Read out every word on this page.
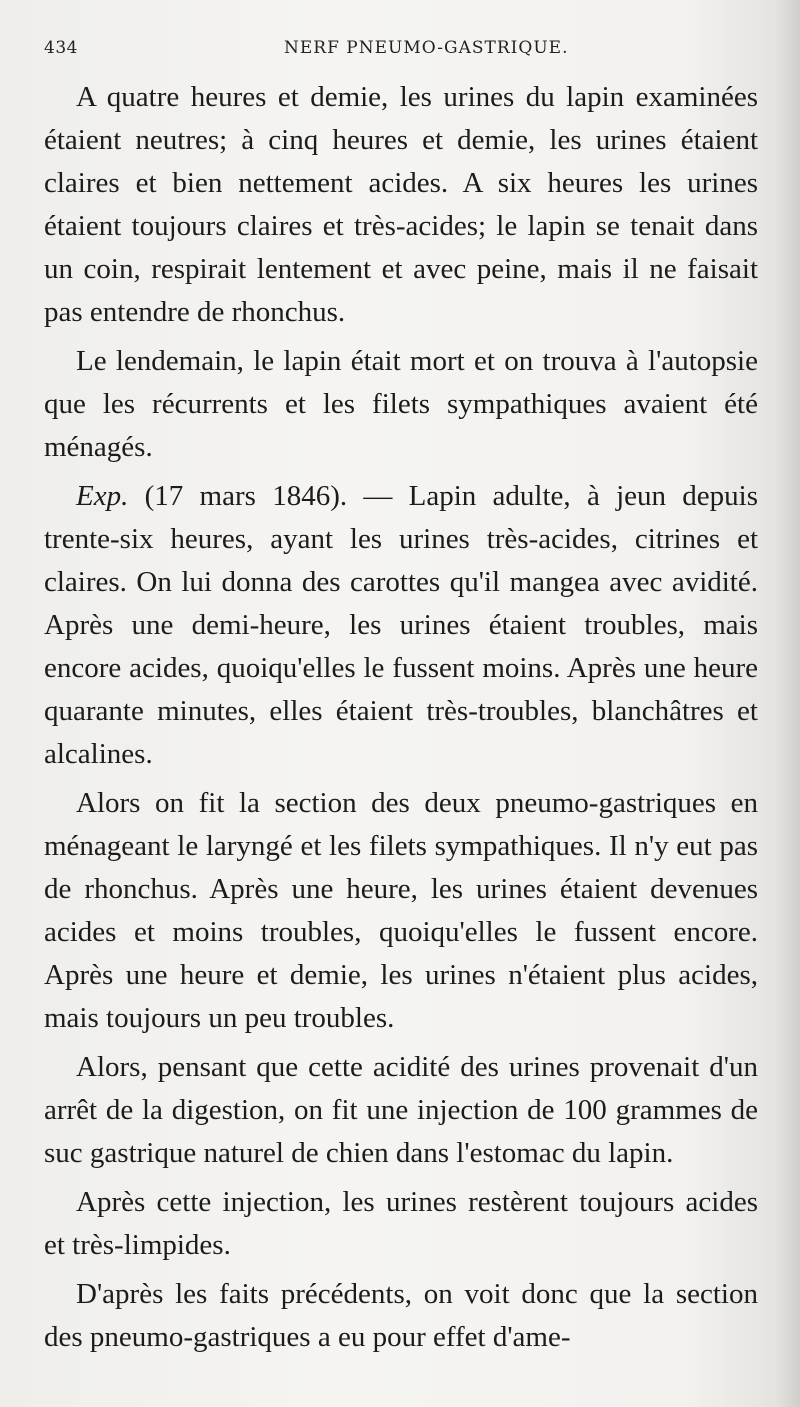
434	NERF PNEUMO-GASTRIQUE.

A quatre heures et demie, les urines du lapin examinées étaient neutres; à cinq heures et demie, les urines étaient claires et bien nettement acides. A six heures les urines étaient toujours claires et très-acides; le lapin se tenait dans un coin, respirait lentement et avec peine, mais il ne faisait pas entendre de rhonchus.

Le lendemain, le lapin était mort et on trouva à l'autopsie que les récurrents et les filets sympathiques avaient été ménagés.

Exp. (17 mars 1846). — Lapin adulte, à jeun depuis trente-six heures, ayant les urines très-acides, citrines et claires. On lui donna des carottes qu'il mangea avec avidité. Après une demi-heure, les urines étaient troubles, mais encore acides, quoiqu'elles le fussent moins. Après une heure quarante minutes, elles étaient très-troubles, blanchâtres et alcalines.

Alors on fit la section des deux pneumo-gastriques en ménageant le laryngé et les filets sympathiques. Il n'y eut pas de rhonchus. Après une heure, les urines étaient devenues acides et moins troubles, quoiqu'elles le fussent encore. Après une heure et demie, les urines n'étaient plus acides, mais toujours un peu troubles.

Alors, pensant que cette acidité des urines provenait d'un arrêt de la digestion, on fit une injection de 100 grammes de suc gastrique naturel de chien dans l'estomac du lapin.

Après cette injection, les urines restèrent toujours acides et très-limpides.

D'après les faits précédents, on voit donc que la section des pneumo-gastriques a eu pour effet d'ame-
